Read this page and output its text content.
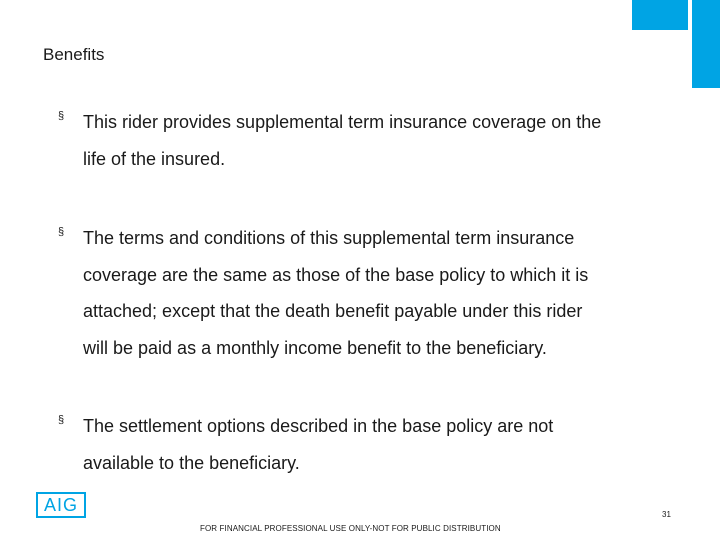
Benefits
§ This rider provides supplemental term insurance coverage on the
life of the insured.
§ The terms and conditions of this supplemental term insurance
coverage are the same as those of the base policy to which it is
attached; except that the death benefit payable under this rider
will be paid as a monthly income benefit to the beneficiary.
§ The settlement options described in the base policy are not
available to the beneficiary.
AIG	31
FOR FINANCIAL PROFESSIONAL USE ONLY-NOT FOR PUBLIC DISTRIBUTION
